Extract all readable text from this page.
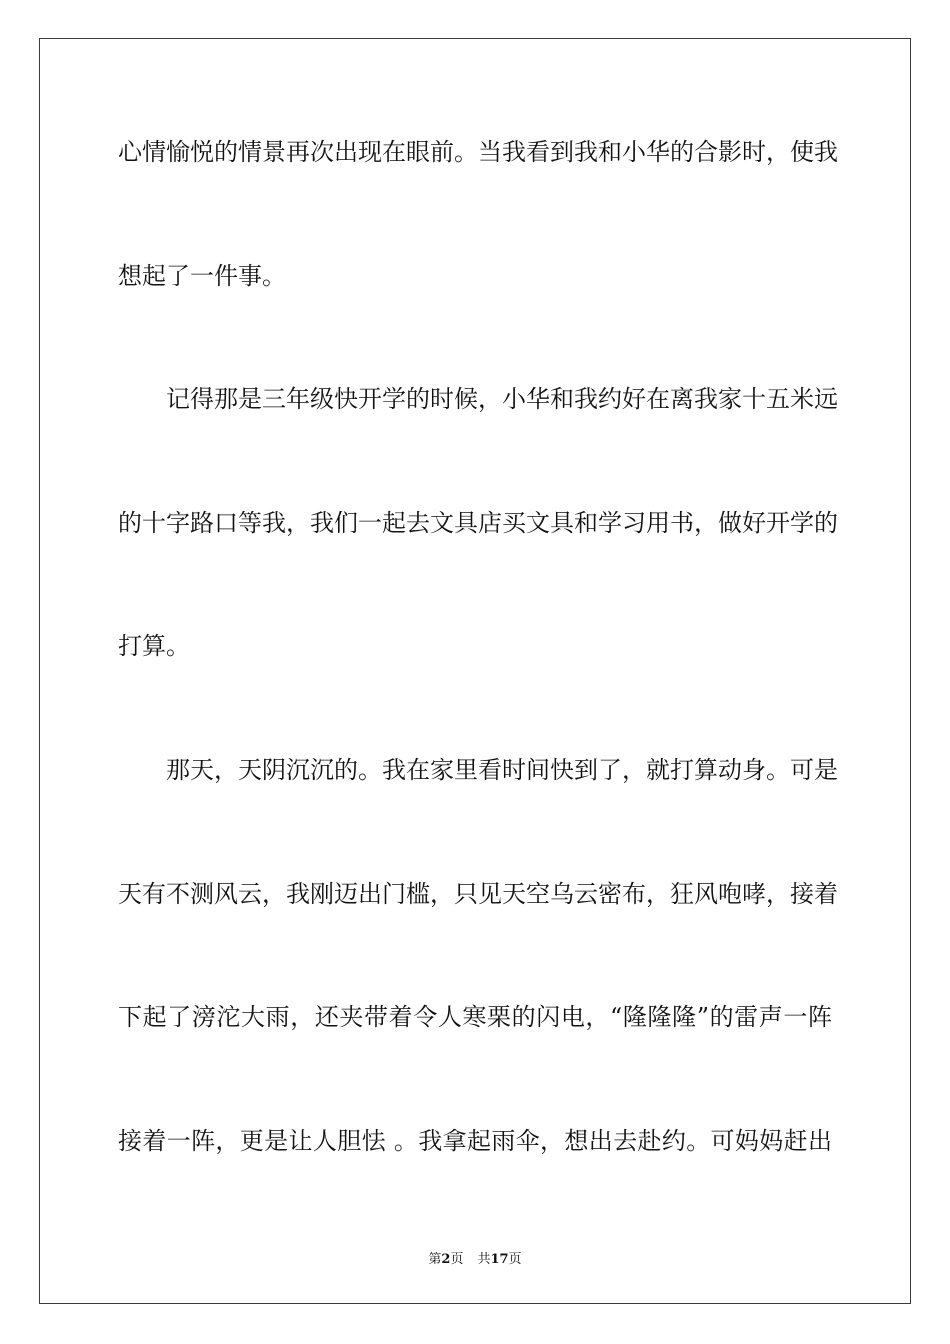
心情愉悦的情景再次出现在眼前。当我看到我和小华的合影时，使我
想起了一件事。
记得那是三年级快开学的时候，小华和我约好在离我家十五米远
的十字路口等我，我们一起去文具店买文具和学习用书，做好开学的
打算。
那天，天阴沉沉的。我在家里看时间快到了，就打算动身。可是
天有不测风云，我刚迈出门槛，只见天空乌云密布，狂风咆哮，接着
下起了滂沱大雨，还夹带着令人寒栗的闪电，“隆隆隆”的雷声一阵
接着一阵，更是让人胆怯 。我拿起雨伞，想出去赴约。可妈妈赶出
第2页 共17页
